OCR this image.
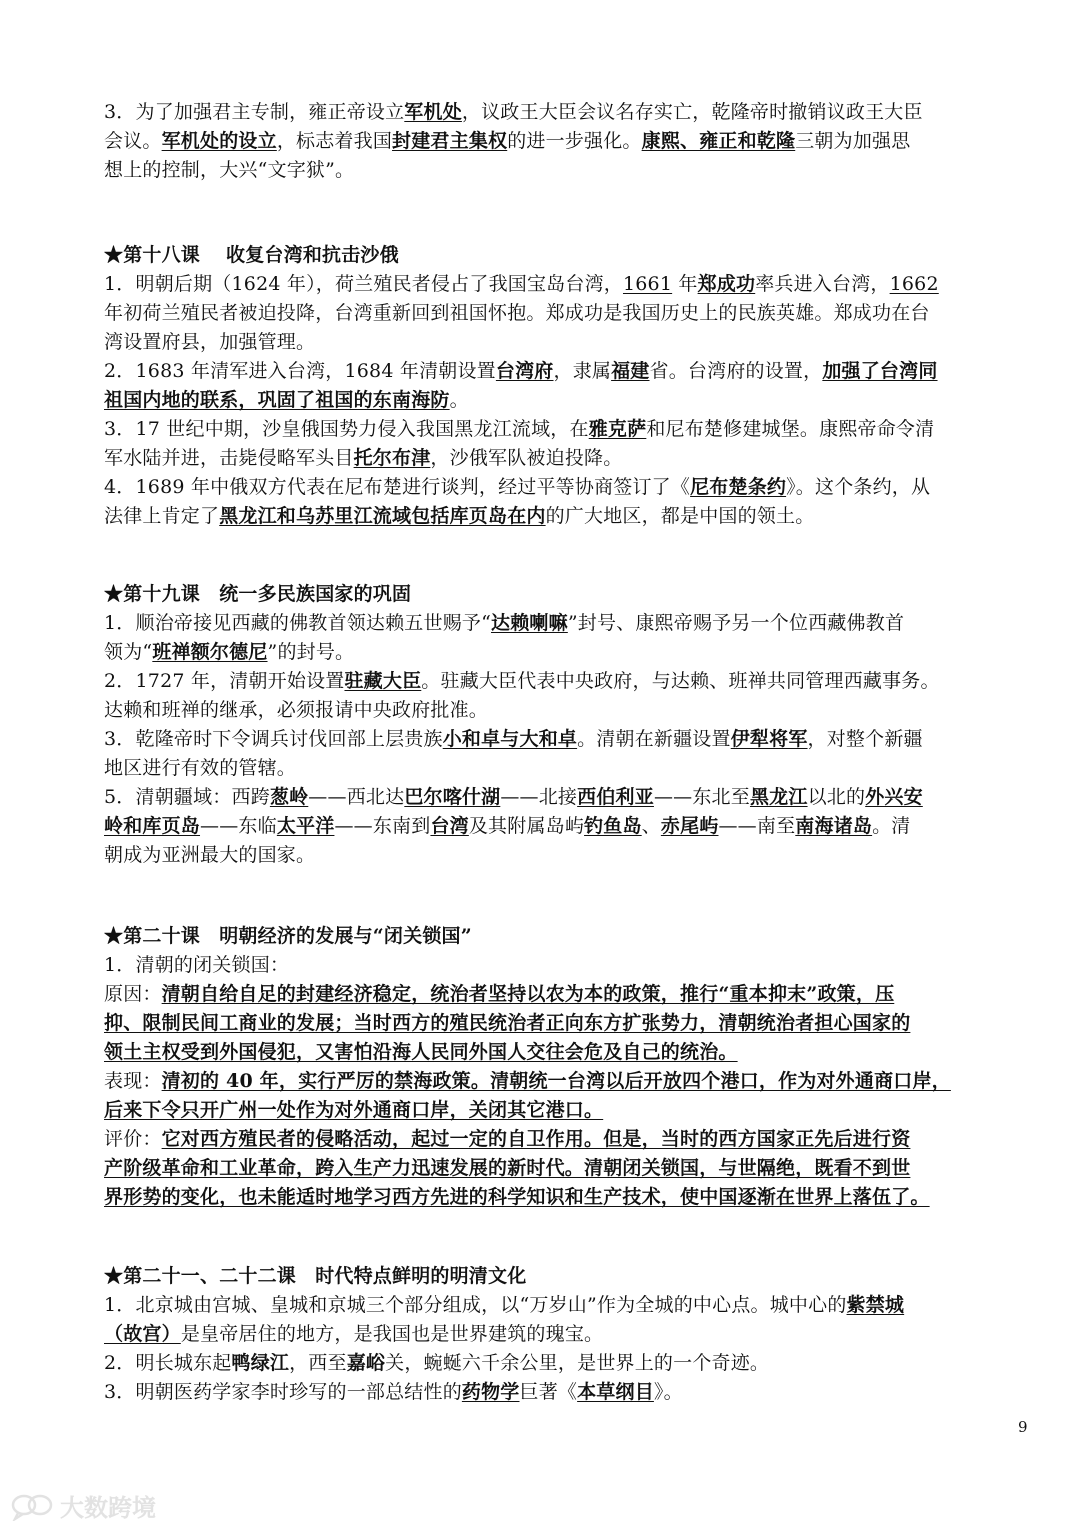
3．为了加强君主专制，雍正帝设立军机处，议政王大臣会议名存实亡，乾隆帝时撤销议政王大臣
会议。军机处的设立，标志着我国封建君主集权的进一步强化。康熙、雍正和乾隆三朝为加强思
想上的控制，大兴“文字狱”。
★第十八课　 收复台湾和抗击沙俄
1．明朝后期（1624 年），荷兰殖民者侵占了我国宝岛台湾，1661 年郑成功率兵进入台湾，1662
年初荷兰殖民者被迫投降，台湾重新回到祖国怀抱。郑成功是我国历史上的民族英雄。郑成功在台
湾设置府县，加强管理。
2．1683 年清军进入台湾，1684 年清朝设置台湾府，隶属福建省。台湾府的设置，加强了台湾同
祖国内地的联系，巩固了祖国的东南海防。
3．17 世纪中期，沙皇俄国势力侵入我国黑龙江流域，在雅克萨和尼布楚修建城堡。康熙帝命令清
军水陆并进，击毙侵略军头目托尔布津，沙俄军队被迫投降。
4．1689 年中俄双方代表在尼布楚进行谈判，经过平等协商签订了《尼布楚条约》。这个条约，从
法律上肯定了黑龙江和乌苏里江流域包括库页岛在内的广大地区，都是中国的领土。
★第十九课　统一多民族国家的巩固
1．顺治帝接见西藏的佛教首领达赖五世赐予“达赖喇嘛”封号、康熙帝赐予另一个位西藏佛教首
领为“班禅额尔德尼”的封号。
2．1727 年，清朝开始设置驻藏大臣。驻藏大臣代表中央政府，与达赖、班禅共同管理西藏事务。
达赖和班禅的继承，必须报请中央政府批准。
3．乾隆帝时下令调兵讨伐回部上层贵族小和卓与大和卓。清朝在新疆设置伊犁将军，对整个新疆
地区进行有效的管辖。
5．清朝疆域：西跨葱岭——西北达巴尔喀什湖——北接西伯利亚——东北至黑龙江以北的外兴安
岭和库页岛——东临太平洋——东南到台湾及其附属岛屿钓鱼岛、赤尾屿——南至南海诸岛。清
朝成为亚洲最大的国家。
★第二十课　明朝经济的发展与“闭关锁国”
1．清朝的闭关锁国：
原因：清朝自给自足的封建经济稳定，统治者坚持以农为本的政策，推行“重本抑末”政策，压
抑、限制民间工商业的发展；当时西方的殖民统治者正向东方扩张势力，清朝统治者担心国家的
领土主权受到外国侵犯，又害怕沿海人民同外国人交往会危及自己的统治。
表现：清初的 40 年，实行严厉的禁海政策。清朝统一台湾以后开放四个港口，作为对外通商口岸，
后来下令只开广州一处作为对外通商口岸，关闭其它港口。
评价：它对西方殖民者的侵略活动，起过一定的自卫作用。但是，当时的西方国家正先后进行资
产阶级革命和工业革命，跨入生产力迅速发展的新时代。清朝闭关锁国，与世隔绝，既看不到世
界形势的变化，也未能适时地学习西方先进的科学知识和生产技术，使中国逐渐在世界上落伍了。
★第二十一、二十二课　时代特点鲜明的明清文化
1．北京城由宫城、皇城和京城三个部分组成，以“万岁山”作为全城的中心点。城中心的紫禁城
（故宫）是皇帝居住的地方，是我国也是世界建筑的瑰宝。
2．明长城东起鸭绿江，西至嘉峪关，蜿蜒六千余公里，是世界上的一个奇迹。
3．明朝医药学家李时珍写的一部总结性的药物学巨著《本草纲目》。
9
大数跨境
